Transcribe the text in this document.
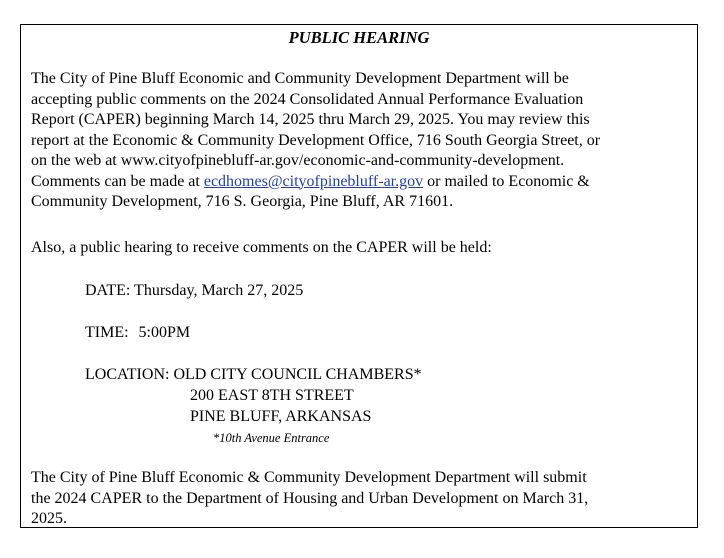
PUBLIC HEARING

The City of Pine Bluff Economic and Community Development Department will be
accepting public comments on the 2024 Consolidated Annual Performance Evaluation
Report (CAPER) beginning March 14, 2025 thru March 29, 2025. You may review this
report at the Economic & Community Development Office, 716 South Georgia Street, or
on the web at www.cityofpinebluff-ar.gov/economic-and-community-development.
Comments can be made at ecdhomes@cityofpinebluff-ar.gov or mailed to Economic &
Community Development, 716 S. Georgia, Pine Bluff, AR 71601.

Also, a public hearing to receive comments on the CAPER will be held:

DATE: Thursday, March 27, 2025
TIME: 5:00PM
LOCATION: OLD CITY COUNCIL CHAMBERS*
200 EAST 8TH STREET
PINE BLUFF, ARKANSAS
*10th Avenue Entrance

The City of Pine Bluff Economic & Community Development Department will submit
the 2024 CAPER to the Department of Housing and Urban Development on March 31,
2025.
